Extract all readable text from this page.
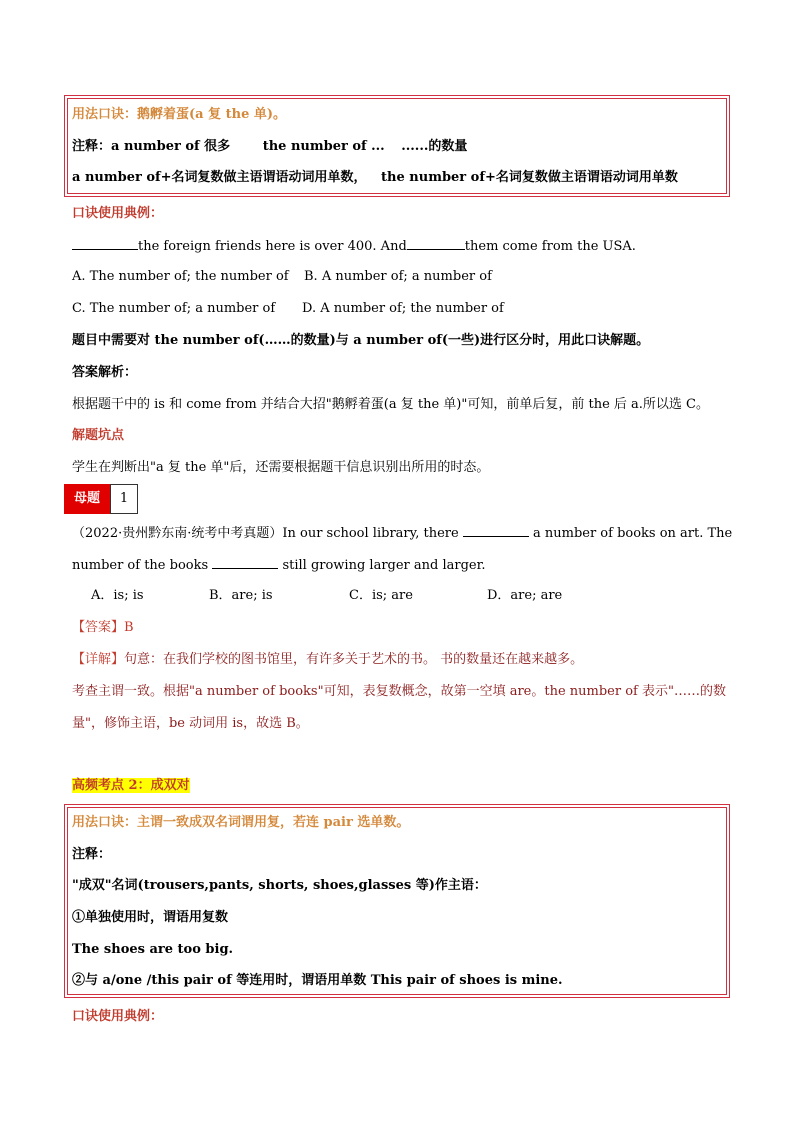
用法口诀：鹅孵着蛋(a 复 the 单)。
注释：a number of 很多	the number of ... ......的数量
a number of+名词复数做主语谓语动词用单数， the number of+名词复数做主语谓语动词用单数
口诀使用典例：
the foreign friends here is over 400. And	them come from the USA.
A. The number of; the number of B. A number of; a number of
C. The number of; a number of D. A number of; the number of
题目中需要对 the number of(……的数量)与 a number of(一些)进行区分时，用此口诀解题。
答案解析：
根据题干中的 is 和 come from 并结合大招"鹅孵着蛋(a 复 the 单)"可知，前单后复，前 the 后 a.所以选 C。
解题坑点
学生在判断出"a 复 the 单"后，还需要根据题干信息识别出所用的时态。
母题	1
（2022·贵州黔东南·统考中考真题）In our school library, there	a number of books on art. The
number of the books	still growing larger and larger.
A．is; is	B．are; is	C．is; are	D．are; are
【答案】B
【详解】句意：在我们学校的图书馆里，有许多关于艺术的书。 书的数量还在越来越多。
考查主谓一致。根据"a number of books"可知，表复数概念，故第一空填 are。the number of 表示"……的数
量"，修饰主语，be 动词用 is，故选 B。
高频考点 2：成双对
用法口诀：主谓一致成双名词谓用复，若连 pair 选单数。
注释：
"成双"名词(trousers,pants, shorts, shoes,glasses 等)作主语：
①单独使用时，谓语用复数
The shoes are too big.
②与 a/one /this pair of 等连用时，谓语用单数 This pair of shoes is mine.
口诀使用典例：
